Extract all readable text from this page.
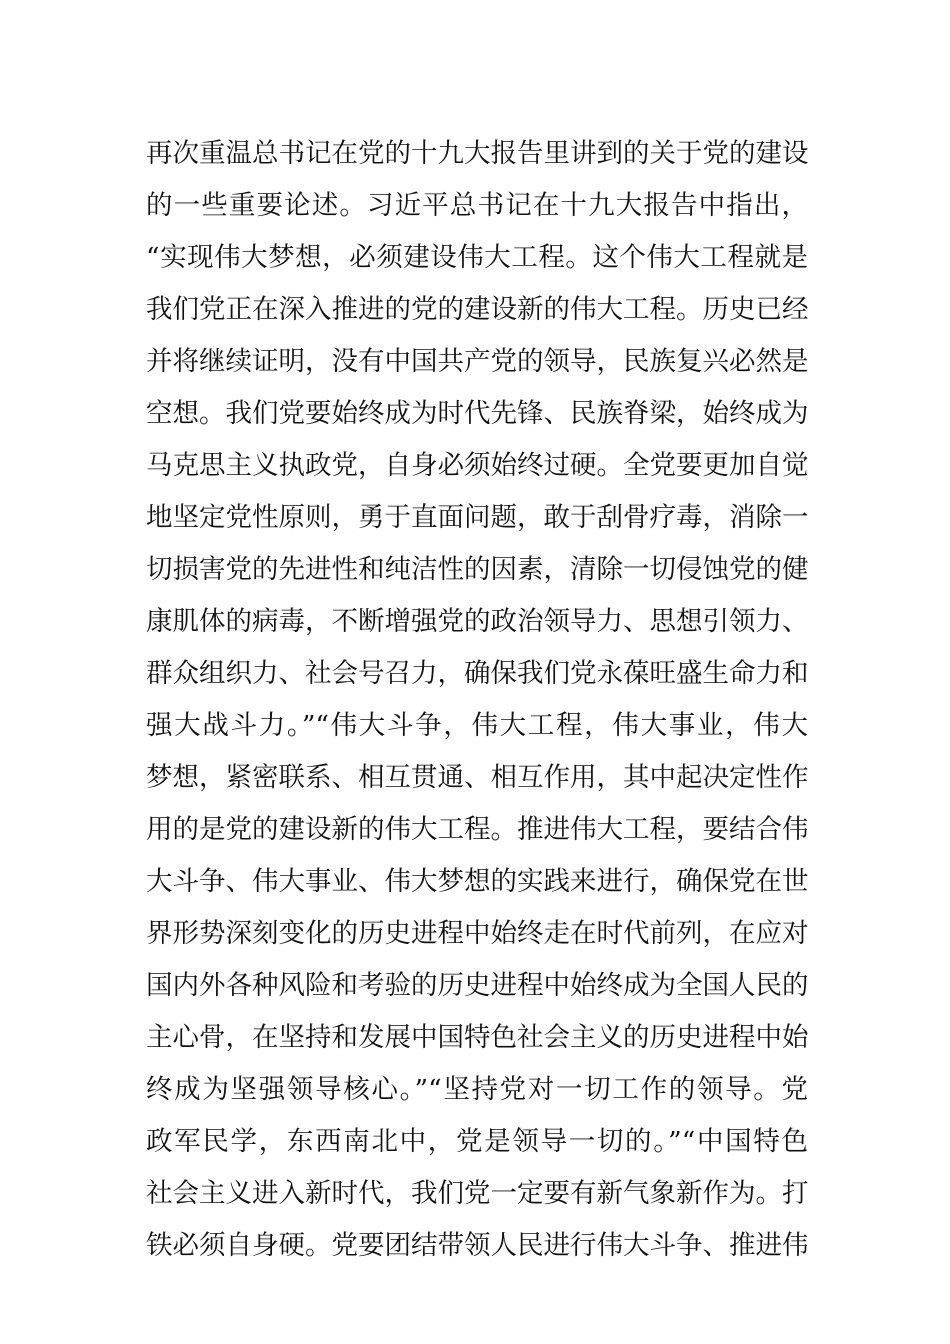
再次重温总书记在党的十九大报告里讲到的关于党的建设
的一些重要论述。习近平总书记在十九大报告中指出，
“实现伟大梦想，必须建设伟大工程。这个伟大工程就是
我们党正在深入推进的党的建设新的伟大工程。历史已经
并将继续证明，没有中国共产党的领导，民族复兴必然是
空想。我们党要始终成为时代先锋、民族脊梁，始终成为
马克思主义执政党，自身必须始终过硬。全党要更加自觉
地坚定党性原则，勇于直面问题，敢于刮骨疗毒，消除一
切损害党的先进性和纯洁性的因素，清除一切侵蚀党的健
康肌体的病毒，不断增强党的政治领导力、思想引领力、
群众组织力、社会号召力，确保我们党永葆旺盛生命力和
强大战斗力。”“伟大斗争，伟大工程，伟大事业，伟大
梦想，紧密联系、相互贯通、相互作用，其中起决定性作
用的是党的建设新的伟大工程。推进伟大工程，要结合伟
大斗争、伟大事业、伟大梦想的实践来进行，确保党在世
界形势深刻变化的历史进程中始终走在时代前列，在应对
国内外各种风险和考验的历史进程中始终成为全国人民的
主心骨，在坚持和发展中国特色社会主义的历史进程中始
终成为坚强领导核心。”“坚持党对一切工作的领导。党
政军民学，东西南北中，党是领导一切的。”“中国特色
社会主义进入新时代，我们党一定要有新气象新作为。打
铁必须自身硬。党要团结带领人民进行伟大斗争、推进伟
